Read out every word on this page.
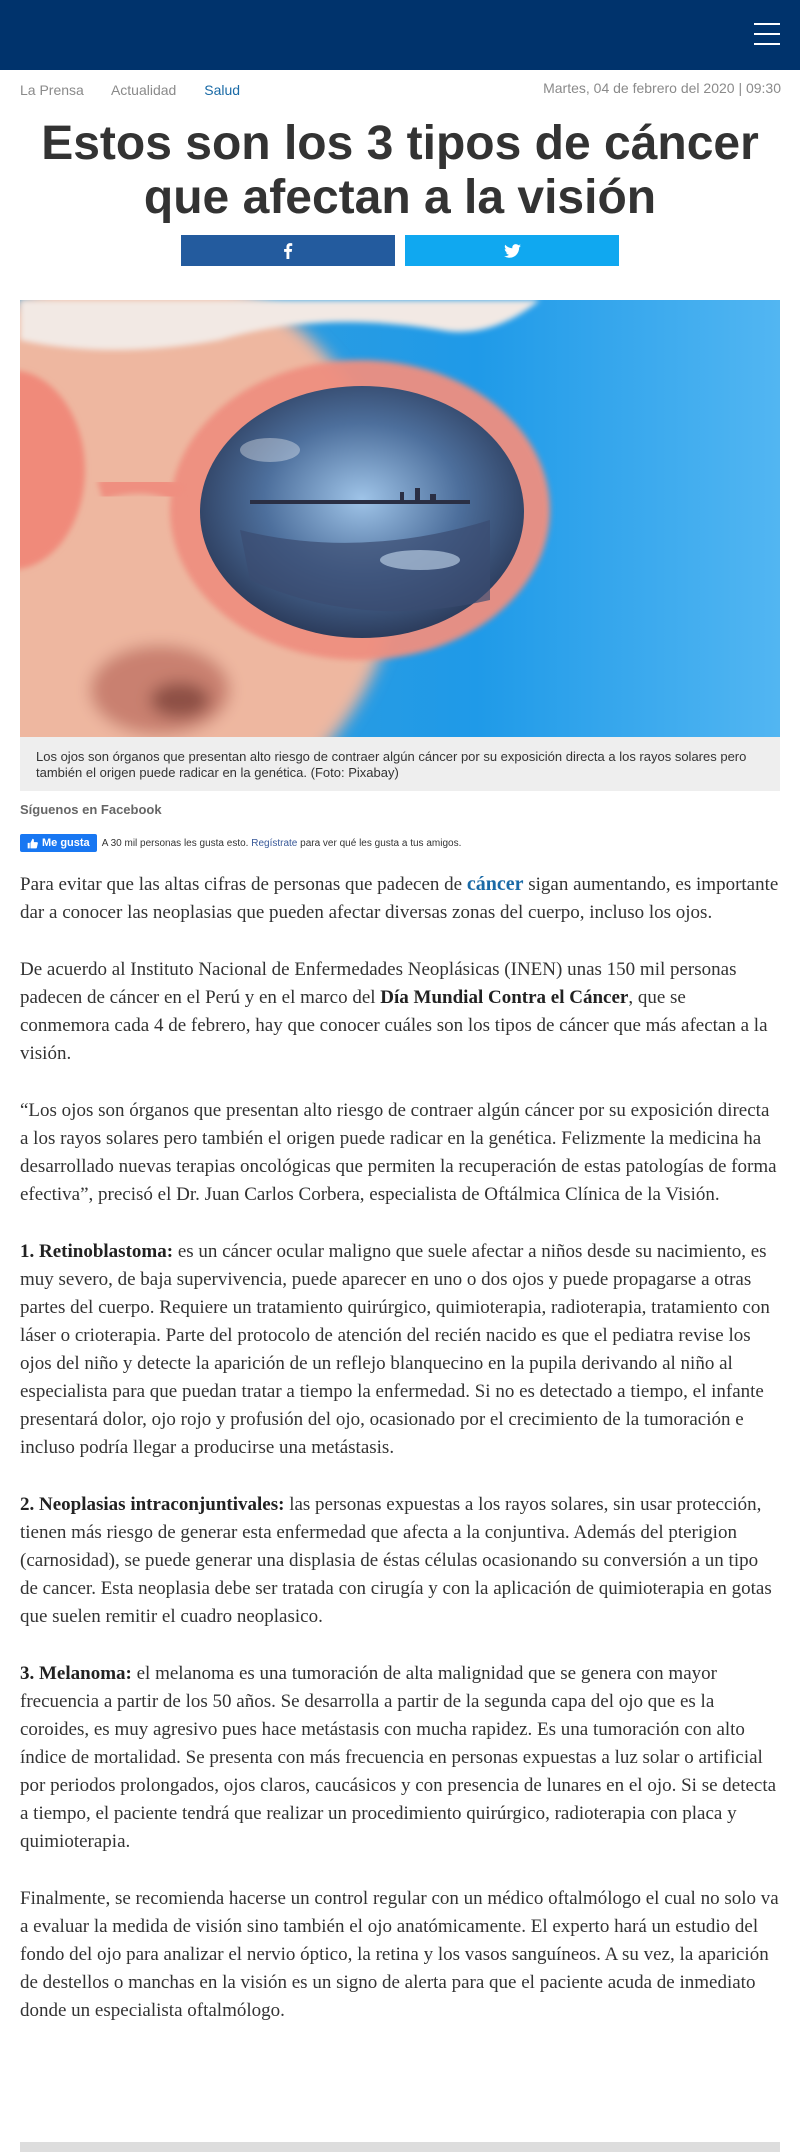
La Prensa Actualidad Salud	Martes, 04 de febrero del 2020 | 09:30
Estos son los 3 tipos de cáncer que afectan a la visión
Los ojos son órganos que presentan alto riesgo de contraer algún cáncer por su exposición directa a los rayos solares pero también el origen puede radicar en la genética. (Foto: Pixabay)
Síguenos en Facebook
Me gusta A 30 mil personas les gusta esto. Regístrate para ver qué les gusta a tus amigos.

Para evitar que las altas cifras de personas que padecen de cáncer sigan aumentando, es importante dar a conocer las neoplasias que pueden afectar diversas zonas del cuerpo, incluso los ojos.

De acuerdo al Instituto Nacional de Enfermedades Neoplásicas (INEN) unas 150 mil personas padecen de cáncer en el Perú y en el marco del Día Mundial Contra el Cáncer, que se conmemora cada 4 de febrero, hay que conocer cuáles son los tipos de cáncer que más afectan a la visión.

“Los ojos son órganos que presentan alto riesgo de contraer algún cáncer por su exposición directa a los rayos solares pero también el origen puede radicar en la genética. Felizmente la medicina ha desarrollado nuevas terapias oncológicas que permiten la recuperación de estas patologías de forma efectiva”, precisó el Dr. Juan Carlos Corbera, especialista de Oftálmica Clínica de la Visión.

1. Retinoblastoma: es un cáncer ocular maligno que suele afectar a niños desde su nacimiento, es muy severo, de baja supervivencia, puede aparecer en uno o dos ojos y puede propagarse a otras partes del cuerpo. Requiere un tratamiento quirúrgico, quimioterapia, radioterapia, tratamiento con láser o crioterapia. Parte del protocolo de atención del recién nacido es que el pediatra revise los ojos del niño y detecte la aparición de un reflejo blanquecino en la pupila derivando al niño al especialista para que puedan tratar a tiempo la enfermedad. Si no es detectado a tiempo, el infante presentará dolor, ojo rojo y profusión del ojo, ocasionado por el crecimiento de la tumoración e incluso podría llegar a producirse una metástasis.

2. Neoplasias intraconjuntivales: las personas expuestas a los rayos solares, sin usar protección, tienen más riesgo de generar esta enfermedad que afecta a la conjuntiva. Además del pterigion (carnosidad), se puede generar una displasia de éstas células ocasionando su conversión a un tipo de cancer. Esta neoplasia debe ser tratada con cirugía y con la aplicación de quimioterapia en gotas que suelen remitir el cuadro neoplasico.

3. Melanoma: el melanoma es una tumoración de alta malignidad que se genera con mayor frecuencia a partir de los 50 años. Se desarrolla a partir de la segunda capa del ojo que es la coroides, es muy agresivo pues hace metástasis con mucha rapidez. Es una tumoración con alto índice de mortalidad. Se presenta con más frecuencia en personas expuestas a luz solar o artificial por periodos prolongados, ojos claros, caucásicos y con presencia de lunares en el ojo. Si se detecta a tiempo, el paciente tendrá que realizar un procedimiento quirúrgico, radioterapia con placa y quimioterapia.

Finalmente, se recomienda hacerse un control regular con un médico oftalmólogo el cual no solo va a evaluar la medida de visión sino también el ojo anatómicamente. El experto hará un estudio del fondo del ojo para analizar el nervio óptico, la retina y los vasos sanguíneos. A su vez, la aparición de destellos o manchas en la visión es un signo de alerta para que el paciente acuda de inmediato donde un especialista oftalmólogo.
